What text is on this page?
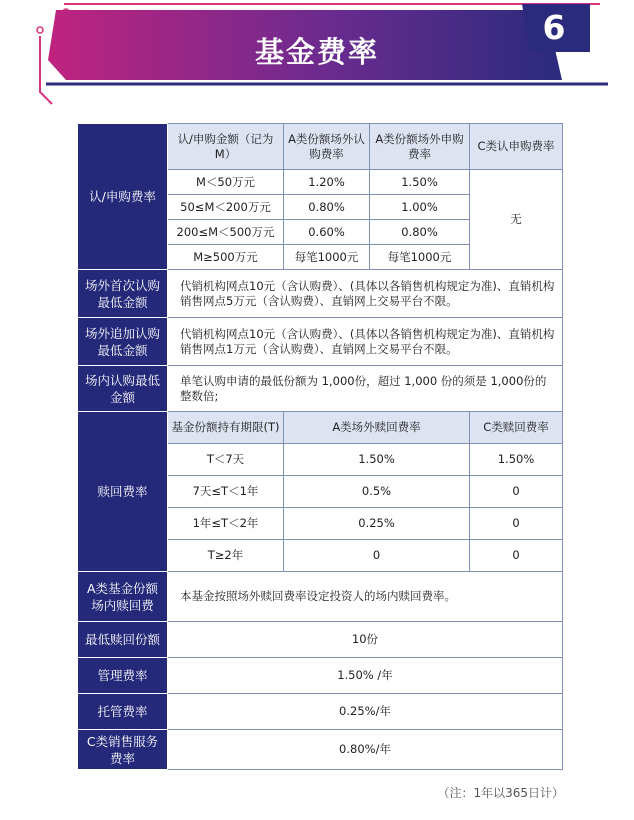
基金费率
6
认/申购费率	认/申购金额（记为M）	A类份额场外认购费率	A类份额场外申购费率	C类认申购费率
	M＜50万元	1.20%	1.50%	无
	50≤M＜200万元	0.80%	1.00%	
	200≤M＜500万元	0.60%	0.80%	
	M≥500万元	每笔1000元	每笔1000元	
场外首次认购最低金额	代销机构网点10元（含认购费）、(具体以各销售机构规定为准)、直销机构销售网点5万元（含认购费）、直销网上交易平台不限。			
场外追加认购最低金额	代销机构网点10元（含认购费）、(具体以各销售机构规定为准)、直销机构销售网点1万元（含认购费）、直销网上交易平台不限。			
场内认购最低金额	单笔认购申请的最低份额为 1,000份，超过 1,000 份的须是 1,000份的整数倍;			
赎回费率	基金份额持有期限(T)	A类场外赎回费率		C类赎回费率
	T＜7天	1.50%		1.50%
	7天≤T＜1年	0.5%		0
	1年≤T＜2年	0.25%		0
	T≥2年	0		0
A类基金份额场内赎回费	本基金按照场外赎回费率设定投资人的场内赎回费率。			
最低赎回份额	10份			
管理费率	1.50% /年			
托管费率	0.25%/年			
C类销售服务费率	0.80%/年			
（注：1年以365日计）
